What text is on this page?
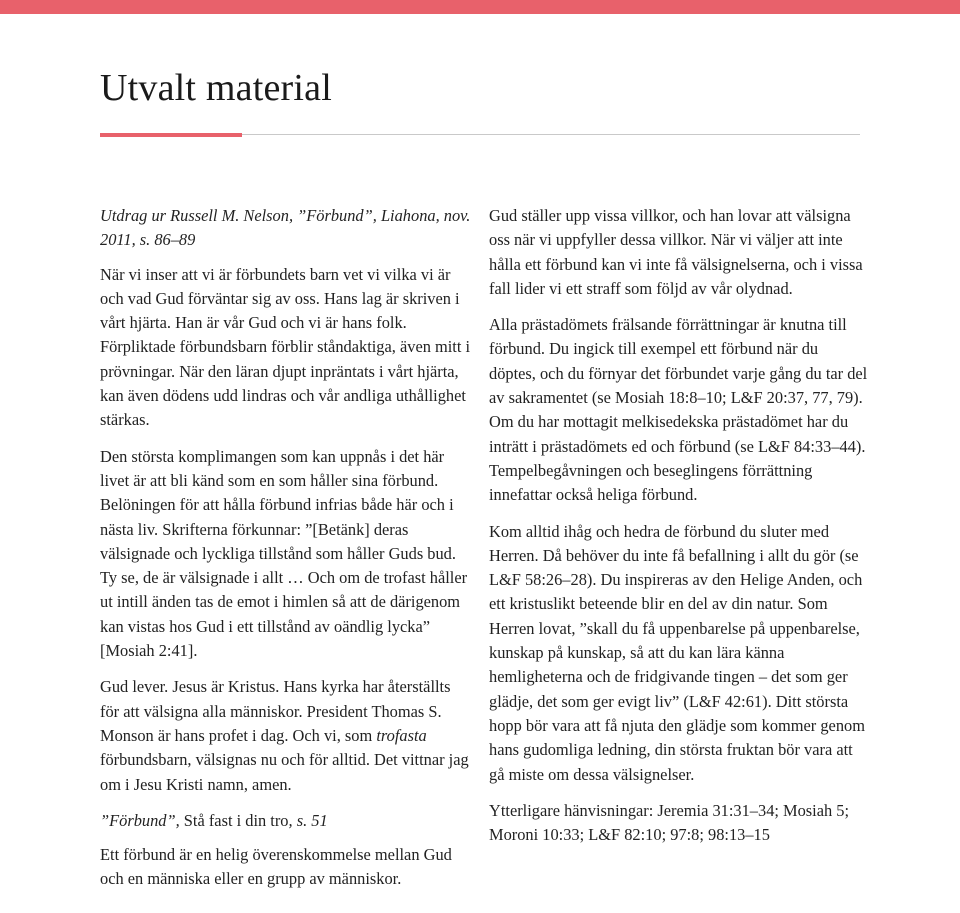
Utvalt material

Utdrag ur Russell M. Nelson, ”Förbund”, Liahona, nov. 2011, s. 86–89

När vi inser att vi är förbundets barn vet vi vilka vi är och vad Gud förväntar sig av oss. Hans lag är skriven i vårt hjärta. Han är vår Gud och vi är hans folk. Förpliktade förbundsbarn förblir ståndaktiga, även mitt i prövningar. När den läran djupt inpräntats i vårt hjärta, kan även dödens udd lindras och vår andliga uthållighet stärkas.

Den största komplimangen som kan uppnås i det här livet är att bli känd som en som håller sina förbund. Belöningen för att hålla förbund infrias både här och i nästa liv. Skrifterna förkunnar: ”[Betänk] deras välsignade och lyckliga tillstånd som håller Guds bud. Ty se, de är välsignade i allt … Och om de trofast håller ut intill änden tas de emot i himlen så att de därigenom kan vistas hos Gud i ett tillstånd av oändlig lycka” [Mosiah 2:41].

Gud lever. Jesus är Kristus. Hans kyrka har återställts för att välsigna alla människor. President Thomas S. Monson är hans profet i dag. Och vi, som trofasta förbundsbarn, välsignas nu och för alltid. Det vittnar jag om i Jesu Kristi namn, amen.

”Förbund”, Stå fast i din tro, s. 51

Ett förbund är en helig överenskommelse mellan Gud och en människa eller en grupp av människor.

Gud ställer upp vissa villkor, och han lovar att välsigna oss när vi uppfyller dessa villkor. När vi väljer att inte hålla ett förbund kan vi inte få välsignelserna, och i vissa fall lider vi ett straff som följd av vår olydnad.

Alla prästadömets frälsande förrättningar är knutna till förbund. Du ingick till exempel ett förbund när du döptes, och du förnyar det förbundet varje gång du tar del av sakramentet (se Mosiah 18:8–10; L&F 20:37, 77, 79). Om du har mottagit melkisedekska prästadömet har du inträtt i prästadömets ed och förbund (se L&F 84:33–44). Tempelbegåvningen och beseglingens förrättning innefattar också heliga förbund.

Kom alltid ihåg och hedra de förbund du sluter med Herren. Då behöver du inte få befallning i allt du gör (se L&F 58:26–28). Du inspireras av den Helige Anden, och ett kristuslikt beteende blir en del av din natur. Som Herren lovat, ”skall du få uppenbarelse på uppenbarelse, kunskap på kunskap, så att du kan lära känna hemligheterna och de fridgivande tingen – det som ger glädje, det som ger evigt liv” (L&F 42:61). Ditt största hopp bör vara att få njuta den glädje som kommer genom hans gudomliga ledning, din största fruktan bör vara att gå miste om dessa välsignelser.

Ytterligare hänvisningar: Jeremia 31:31–34; Mosiah 5; Moroni 10:33; L&F 82:10; 97:8; 98:13–15
